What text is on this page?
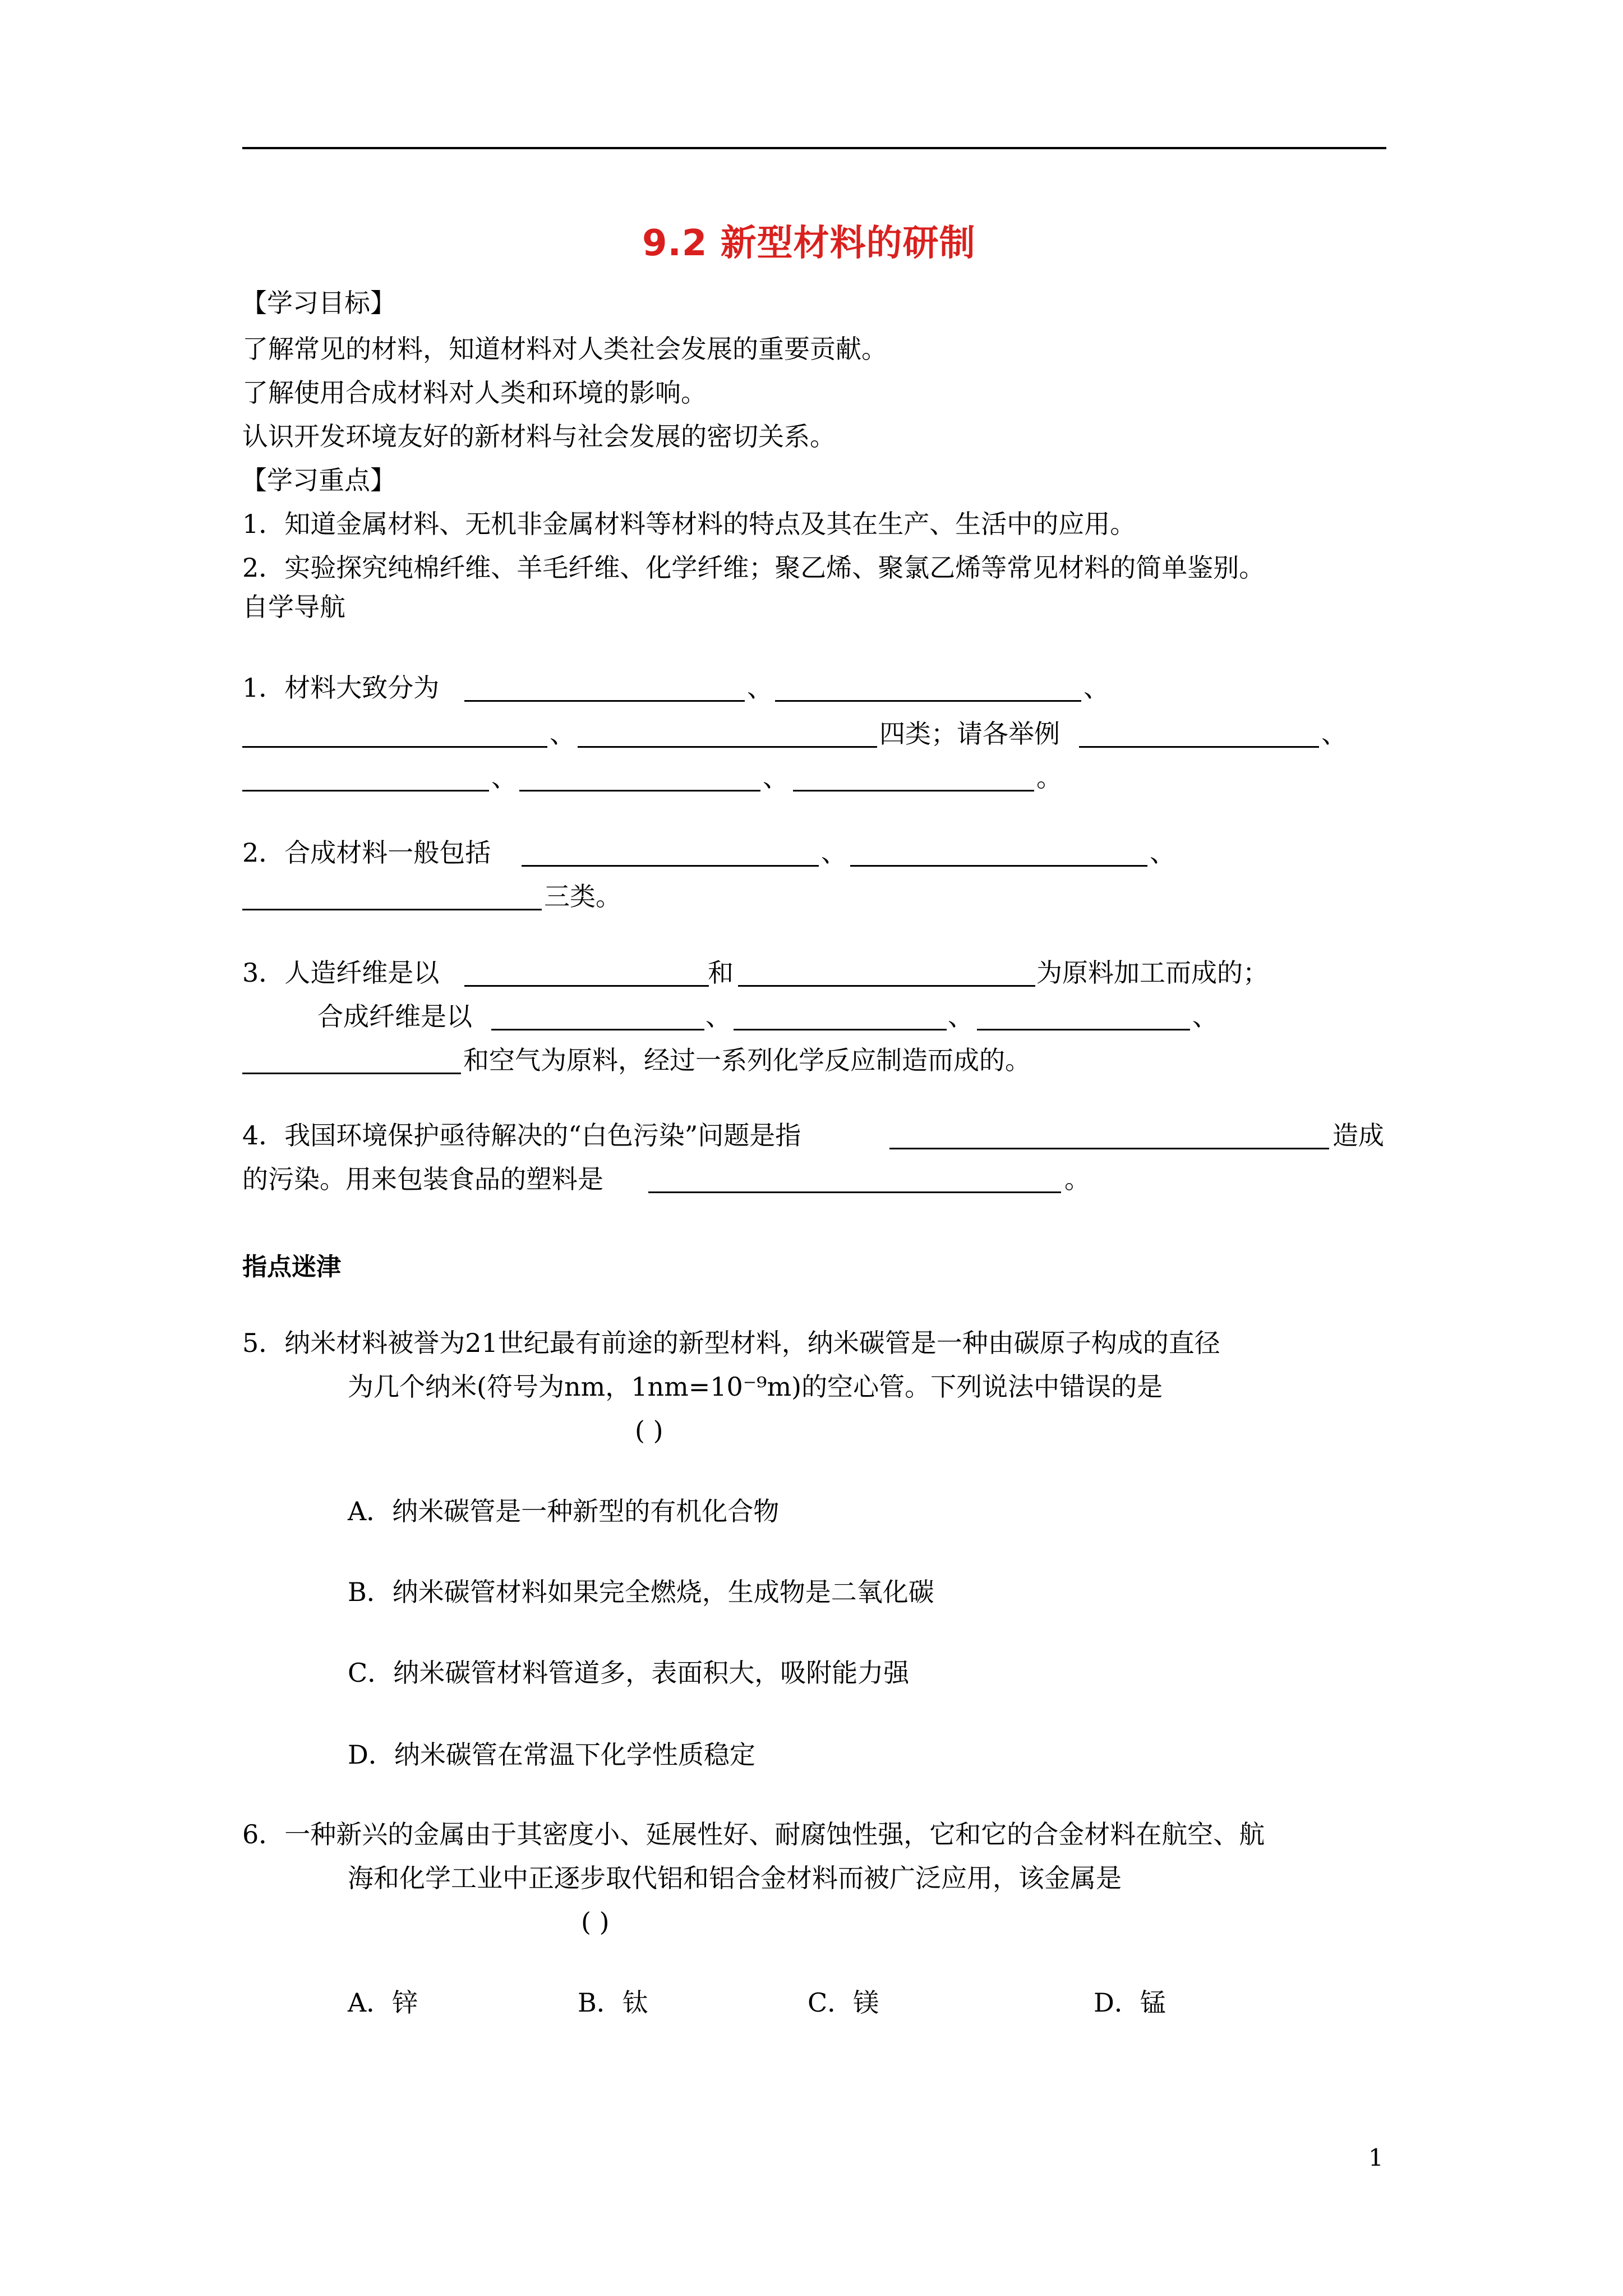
9.2 新型材料的研制
【学习目标】
了解常见的材料，知道材料对人类社会发展的重要贡献。
了解使用合成材料对人类和环境的影响。
认识开发环境友好的新材料与社会发展的密切关系。
【学习重点】
1．知道金属材料、无机非金属材料等材料的特点及其在生产、生活中的应用。
2．实验探究纯棉纤维、羊毛纤维、化学纤维；聚乙烯、聚氯乙烯等常见材料的简单鉴别。
自学导航
1．材料大致分为	、	、
、	四类；请各举例	、
、	、	。
2．合成材料一般包括	、	、
三类。
3．人造纤维是以	和	为原料加工而成的；
合成纤维是以	、	、	、
和空气为原料，经过一系列化学反应制造而成的。
4．我国环境保护亟待解决的“白色污染”问题是指	造成
的污染。用来包装食品的塑料是	。
指点迷津
5．纳米材料被誉为21世纪最有前途的新型材料，纳米碳管是一种由碳原子构成的直径
为几个纳米(符号为nm，1nm=10⁻⁹m)的空心管。下列说法中错误的是
( )
A．纳米碳管是一种新型的有机化合物
B．纳米碳管材料如果完全燃烧，生成物是二氧化碳
C．纳米碳管材料管道多，表面积大，吸附能力强
D．纳米碳管在常温下化学性质稳定
6．一种新兴的金属由于其密度小、延展性好、耐腐蚀性强，它和它的合金材料在航空、航
海和化学工业中正逐步取代铝和铝合金材料而被广泛应用，该金属是
( )
A．锌	B．钛	C．镁	D．锰
1
